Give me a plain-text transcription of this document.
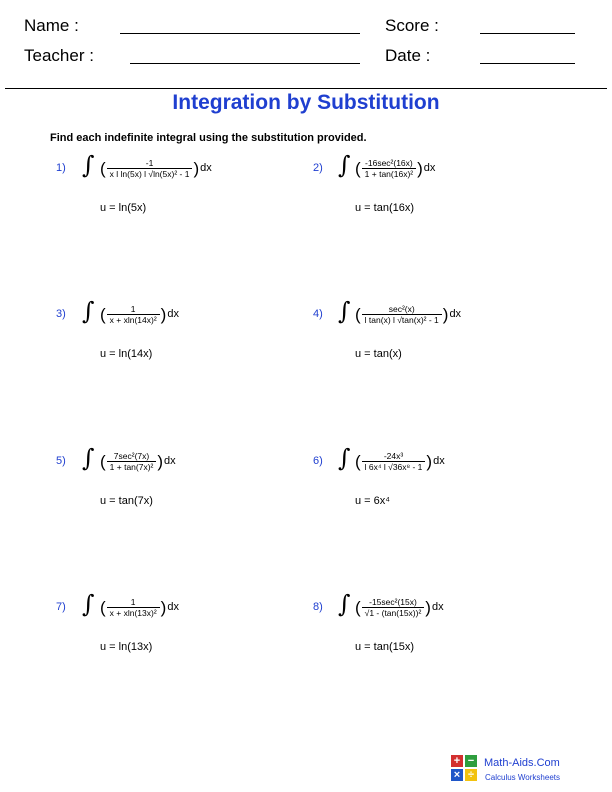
Name :	Score :
Teacher :	Date :
Integration by Substitution
Find each indefinite integral using the substitution provided.
1) ∫ ( $\frac{-1}{\text{x l ln(5x) l √ln(5x)² - 1}}$ ) dx
u = ln(5x)
2) ∫ ( $\frac{\text{-16sec²(16x)}}{\text{1 + tan(16x)²}}$ ) dx
u = tan(16x)
3) ∫ ( $\frac{1}{\text{x + xln(14x)²}}$ ) dx
u = ln(14x)
4) ∫ ( $\frac{\text{sec²(x)}}{\text{l tan(x) l √tan(x)² - 1}}$ ) dx
u = tan(x)
5) ∫ ( $\frac{\text{7sec²(7x)}}{\text{1 + tan(7x)²}}$ ) dx
u = tan(7x)
6) ∫ ( $\frac{\text{-24x³}}{\text{l 6x⁴ l √36x⁸ - 1}}$ ) dx
u = 6x⁴
7) ∫ ( $\frac{1}{\text{x + xln(13x)²}}$ ) dx
u = ln(13x)
8) ∫ ( $\frac{\text{-15sec²(15x)}}{\text{√1 - (tan(15x))²}}$ ) dx
u = tan(15x)
+ −
× ÷
Math-Aids.Com
Calculus Worksheets
